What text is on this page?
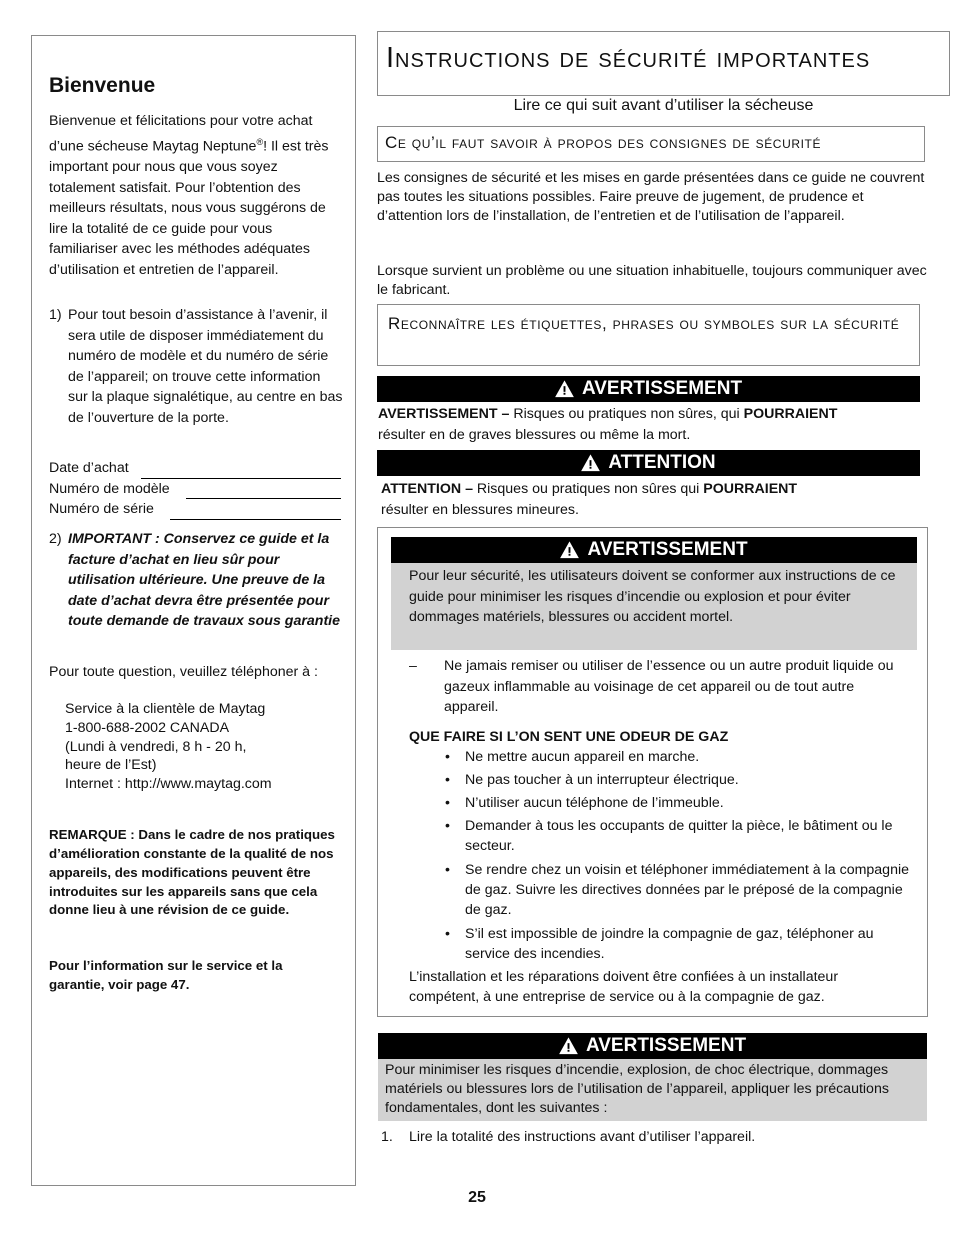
Bienvenue

Bienvenue et félicitations pour votre achat d’une sécheuse Maytag Neptune®! Il est très important pour nous que vous soyez totalement satisfait. Pour l’obtention des meilleurs résultats, nous vous suggérons de lire la totalité de ce guide pour vous familiariser avec les méthodes adéquates d’utilisation et entretien de l’appareil.

1) Pour tout besoin d’assistance à l’avenir, il sera utile de disposer immédiatement du numéro de modèle et du numéro de série de l’appareil; on trouve cette information sur la plaque signalétique, au centre en bas de l’ouverture de la porte.
Date d’achat
Numéro de modèle
Numéro de série
2) IMPORTANT : Conservez ce guide et la facture d’achat en lieu sûr pour utilisation ultérieure. Une preuve de la date d’achat devra être présentée pour toute demande de travaux sous garantie
Pour toute question, veuillez téléphoner à :
Service à la clientèle de Maytag
1-800-688-2002 CANADA
(Lundi à vendredi, 8 h - 20 h,
heure de l’Est)
Internet : http://www.maytag.com

REMARQUE : Dans le cadre de nos pratiques d’amélioration constante de la qualité de nos appareils, des modifications peuvent être introduites sur les appareils sans que cela donne lieu à une révision de ce guide.

Pour l’information sur le service et la garantie, voir page 47.

Instructions de sécurité importantes
Lire ce qui suit avant d’utiliser la sécheuse
Ce qu’il faut savoir à propos des consignes de sécurité

Les consignes de sécurité et les mises en garde présentées dans ce guide ne couvrent pas toutes les situations possibles. Faire preuve de jugement, de prudence et d’attention lors de l’installation, de l’entretien et de l’utilisation de l’appareil.

Lorsque survient un problème ou une situation inhabituelle, toujours communiquer avec le fabricant.

Reconnaître les étiquettes, phrases ou symboles sur la sécurité
AVERTISSEMENT
AVERTISSEMENT – Risques ou pratiques non sûres, qui POURRAIENT
résulter en de graves blessures ou même la mort.
ATTENTION
ATTENTION – Risques ou pratiques non sûres qui POURRAIENT
résulter en blessures mineures.
AVERTISSEMENT

Pour leur sécurité, les utilisateurs doivent se conformer aux instructions de ce guide pour minimiser les risques d’incendie ou explosion et pour éviter dommages matériels, blessures ou accident mortel.

–	Ne jamais remiser ou utiliser de l’essence ou un autre produit liquide ou gazeux inflammable au voisinage de cet appareil ou de tout autre appareil.
QUE FAIRE SI L’ON SENT UNE ODEUR DE GAZ
• Ne mettre aucun appareil en marche.
• Ne pas toucher à un interrupteur électrique.
• N’utiliser aucun téléphone de l’immeuble.
• Demander à tous les occupants de quitter la pièce, le bâtiment ou le secteur.
• Se rendre chez un voisin et téléphoner immédiatement à la compagnie de gaz. Suivre les directives données par le préposé de la compagnie de gaz.
• S’il est impossible de joindre la compagnie de gaz, téléphoner au service des incendies.

L’installation et les réparations doivent être confiées à un installateur compétent, à une entreprise de service ou à la compagnie de gaz.

AVERTISSEMENT

Pour minimiser les risques d’incendie, explosion, de choc électrique, dommages matériels ou blessures lors de l’utilisation de l’appareil, appliquer les précautions fondamentales, dont les suivantes :

1.	Lire la totalité des instructions avant d’utiliser l’appareil.
25
